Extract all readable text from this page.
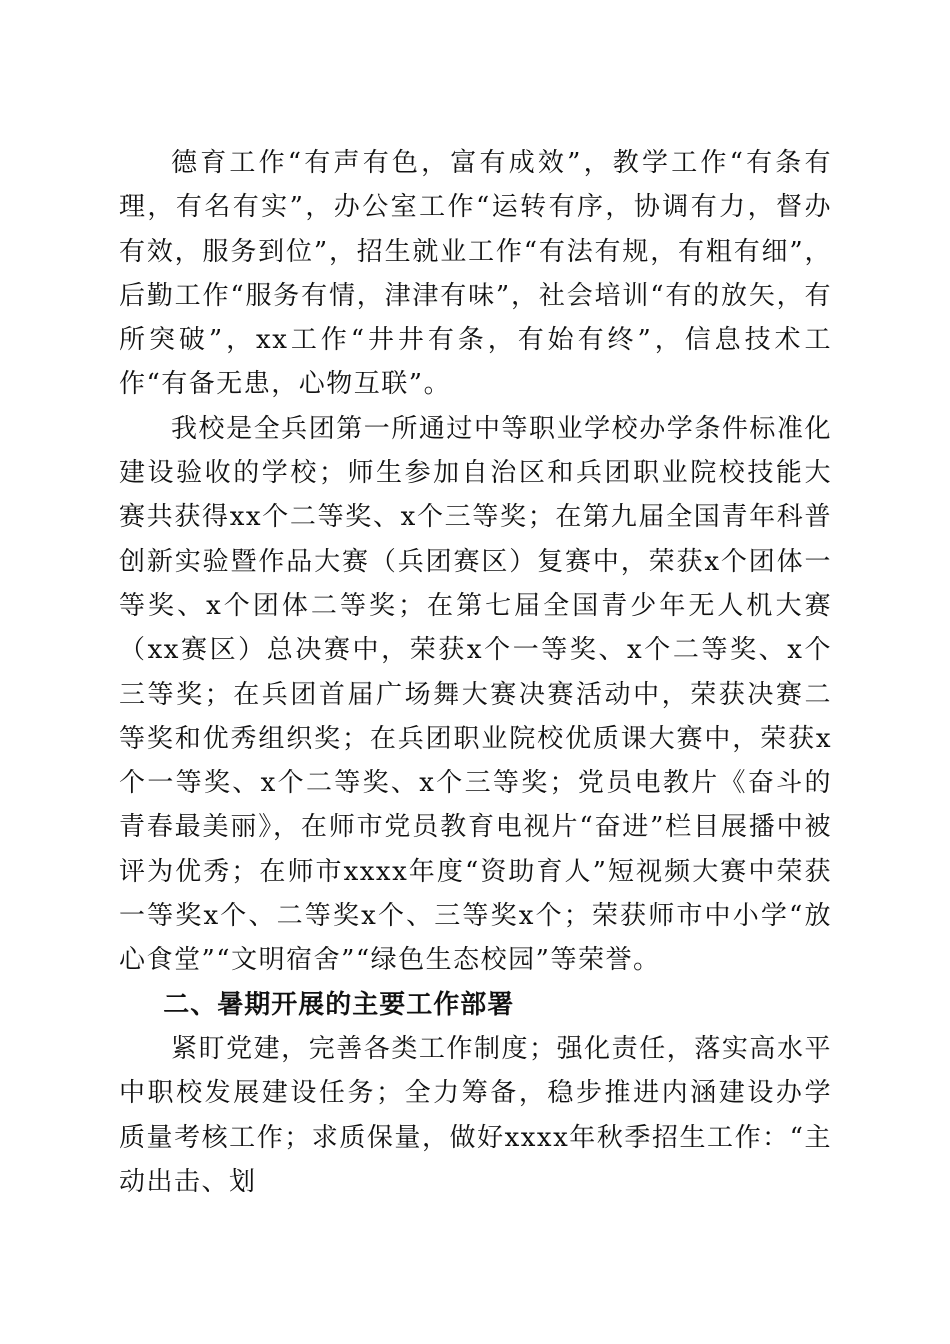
德育工作“有声有色，富有成效”，教学工作“有条有理，有名有实”，办公室工作“运转有序，协调有力，督办有效，服务到位”，招生就业工作“有法有规，有粗有细”，后勤工作“服务有情，津津有味”，社会培训“有的放矢，有所突破”，xx工作“井井有条，有始有终”，信息技术工作“有备无患，心物互联”。

我校是全兵团第一所通过中等职业学校办学条件标准化建设验收的学校；师生参加自治区和兵团职业院校技能大赛共获得xx个二等奖、x个三等奖；在第九届全国青年科普创新实验暨作品大赛（兵团赛区）复赛中，荣获x个团体一等奖、x个团体二等奖；在第七届全国青少年无人机大赛（xx赛区）总决赛中，荣获x个一等奖、x个二等奖、x个三等奖；在兵团首届广场舞大赛决赛活动中，荣获决赛二等奖和优秀组织奖；在兵团职业院校优质课大赛中，荣获x个一等奖、x个二等奖、x个三等奖；党员电教片《奋斗的青春最美丽》，在师市党员教育电视片“奋进”栏目展播中被评为优秀；在师市xxxx年度“资助育人”短视频大赛中荣获一等奖x个、二等奖x个、三等奖x个；荣获师市中小学“放心食堂”“文明宿舍”“绿色生态校园”等荣誉。

二、暑期开展的主要工作部署

紧盯党建，完善各类工作制度；强化责任，落实高水平中职校发展建设任务；全力筹备，稳步推进内涵建设办学质量考核工作；求质保量，做好xxxx年秋季招生工作：“主动出击、划
